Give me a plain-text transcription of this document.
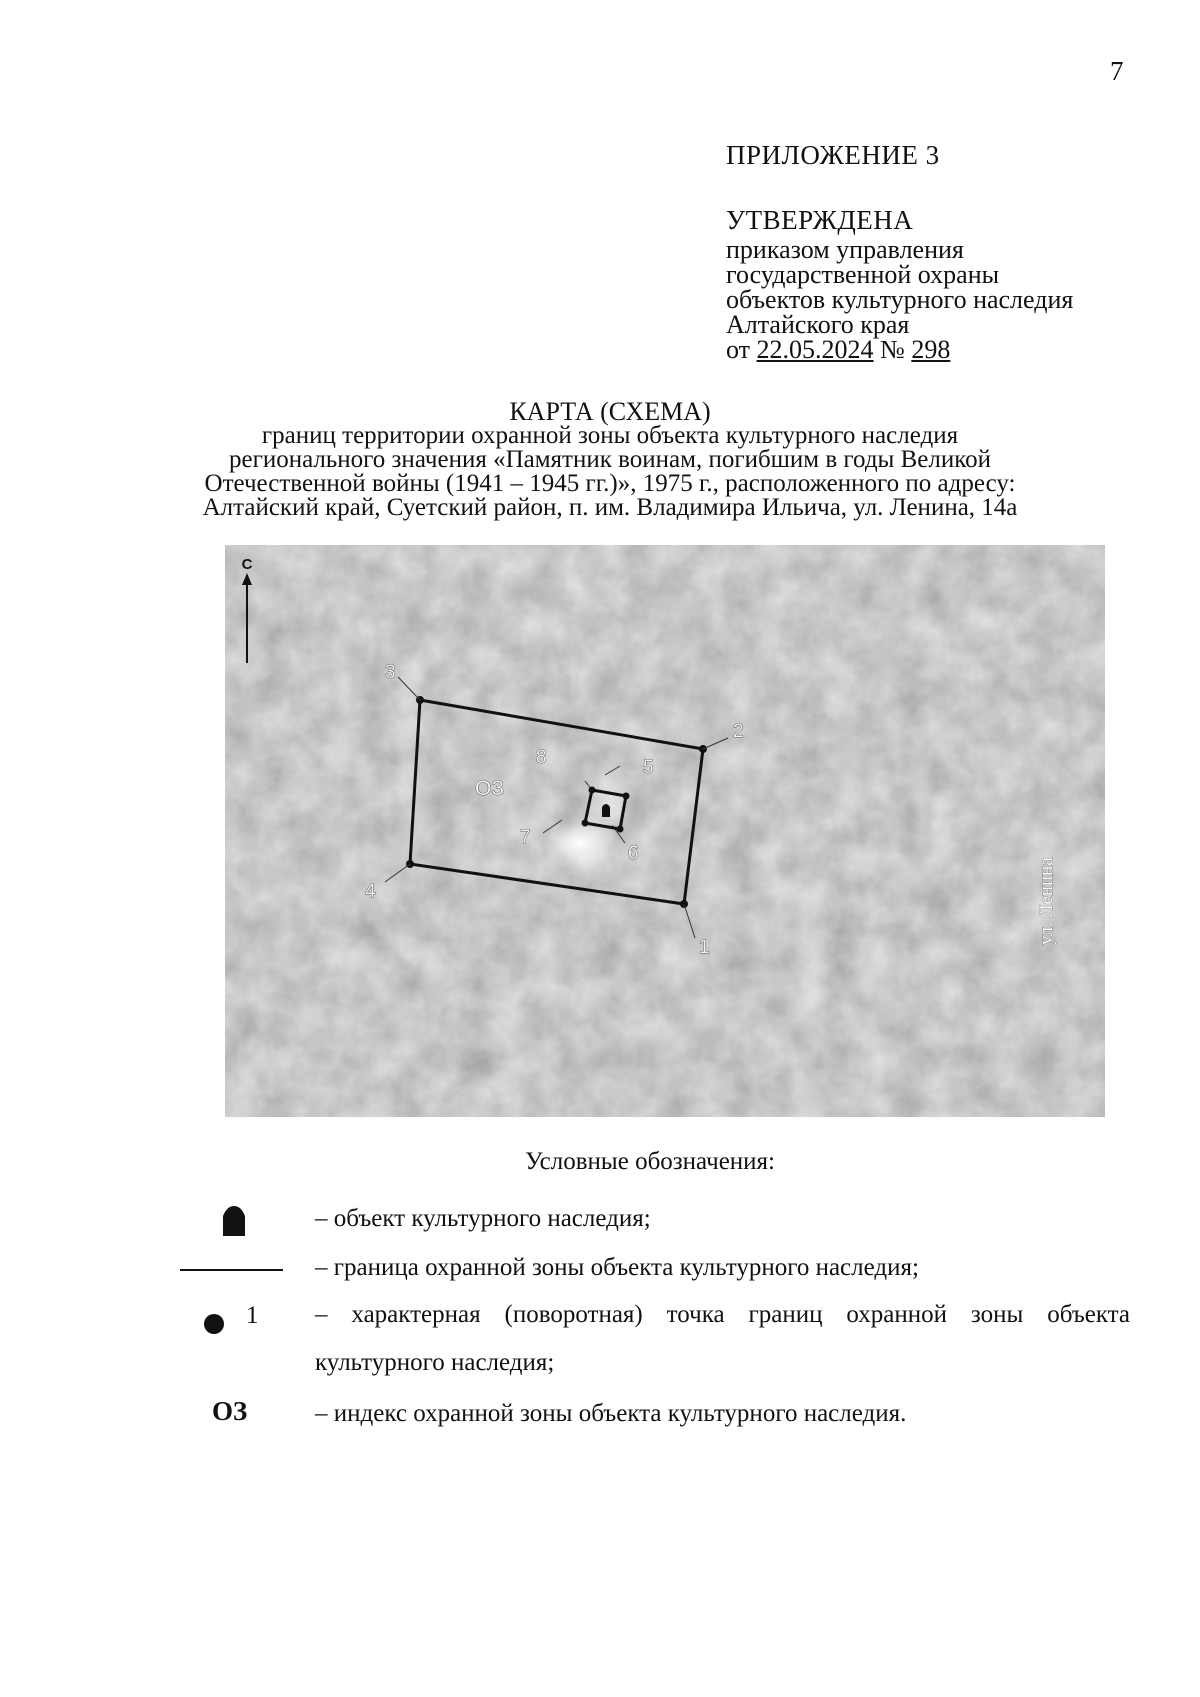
7
ПРИЛОЖЕНИЕ 3
УТВЕРЖДЕНА
приказом управления
государственной охраны
объектов культурного наследия
Алтайского края
от 22.05.2024 № 298
КАРТА (СХЕМА)
границ территории охранной зоны объекта культурного наследия
регионального значения «Памятник воинам, погибшим в годы Великой
Отечественной войны (1941 – 1945 гг.)», 1975 г., расположенного по адресу:
Алтайский край, Суетский район, п. им. Владимира Ильича, ул. Ленина, 14а
С
1
2
3
4
5
6
7
8
ОЗ
ул. Ленина
Условные обозначения:
– объект культурного наследия;
– граница охранной зоны объекта культурного наследия;
1 – характерная (поворотная) точка границ охранной зоны объекта культурного наследия;
ОЗ	– индекс охранной зоны объекта культурного наследия.
